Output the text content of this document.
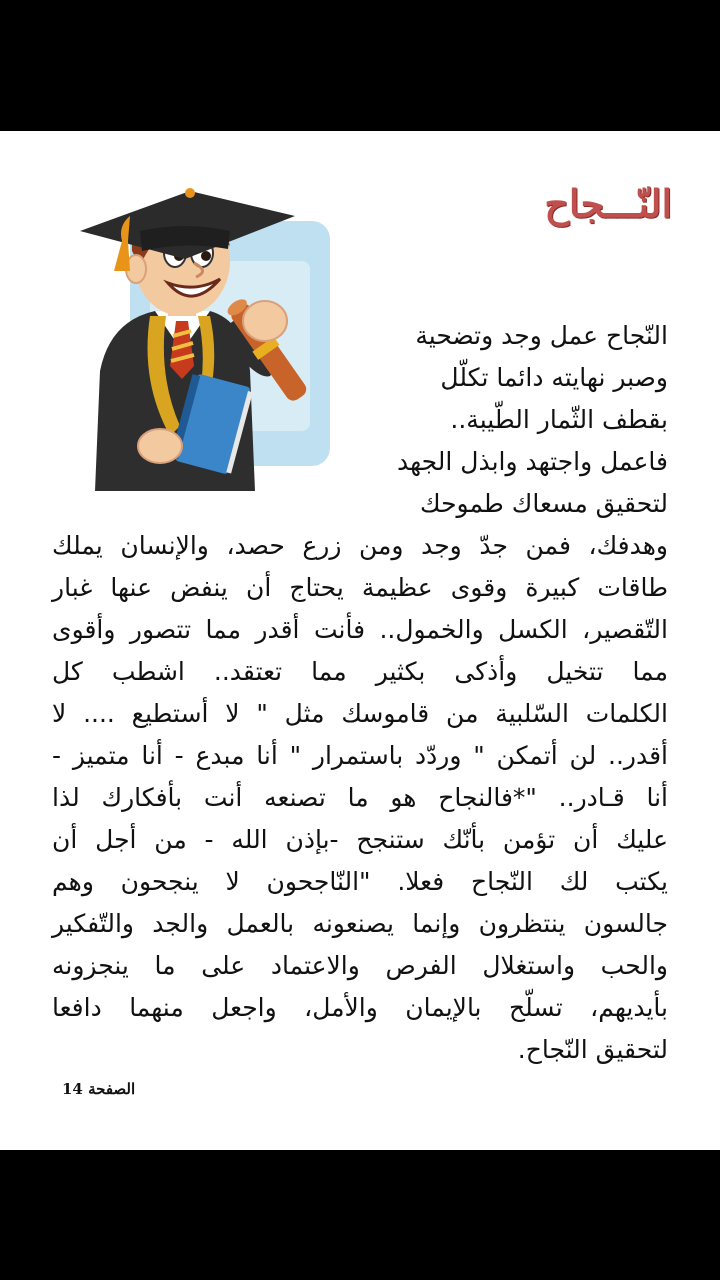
النّـــجاح
النّجاح عمل وجد وتضحية
وصبر نهايته دائما تكلّل
بقطف الثّمار الطّيبة..
فاعمل واجتهد وابذل الجهد
لتحقيق مسعاك طموحك
وهدفك، فمن جدّ وجد ومن زرع حصد، والإنسان يملك
طاقات كبيرة وقوى عظيمة يحتاج أن ينفض عنها غبار
التّقصير، الكسل والخمول.. فأنت أقدر مما تتصور وأقوى
مما تتخيل وأذكى بكثير مما تعتقد.. اشطب كل
الكلمات السّلبية من قاموسك مثل " لا أستطيع .... لا
أقدر.. لن أتمكن " وردّد باستمرار " أنا مبدع - أنا متميز -
أنا قـادر.. "*فالنجاح هو ما تصنعه أنت بأفكارك لذا
عليك أن تؤمن بأنّك ستنجح -بإذن الله - من أجل أن
يكتب لك النّجاح فعلا. "النّاجحون لا ينجحون وهم
جالسون ينتظرون وإنما يصنعونه بالعمل والجد والتّفكير
والحب واستغلال الفرص والاعتماد على ما ينجزونه
بأيديهم، تسلّح بالإيمان والأمل، واجعل منهما دافعا
لتحقيق النّجاح.
الصفحة 14
